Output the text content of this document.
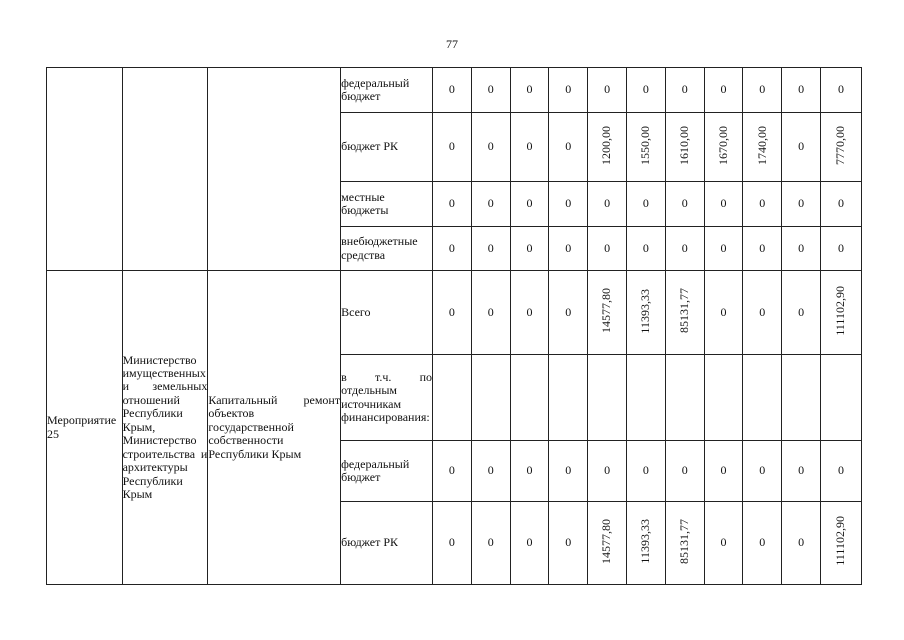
77
			федеральный бюджет	0	0	0	0	0	0	0	0	0	0	0
			бюджет РК	0	0	0	0	1200,00	1550,00	1610,00	1670,00	1740,00	0	7770,00
			местные бюджеты	0	0	0	0	0	0	0	0	0	0	0
			внебюджетные средства	0	0	0	0	0	0	0	0	0	0	0
Мероприятие 25	Министерство имущественных и земельных отношений Республики Крым, Министерство строительства и архитектуры Республики Крым	Капитальный ремонт объектов государственной собственности Республики Крым	Всего	0	0	0	0	14577,80	11393,33	85131,77	0	0	0	111102,90
			в т.ч. по отдельным источникам финансирования:											
			федеральный бюджет	0	0	0	0	0	0	0	0	0	0	0
			бюджет РК	0	0	0	0	14577,80	11393,33	85131,77	0	0	0	111102,90
